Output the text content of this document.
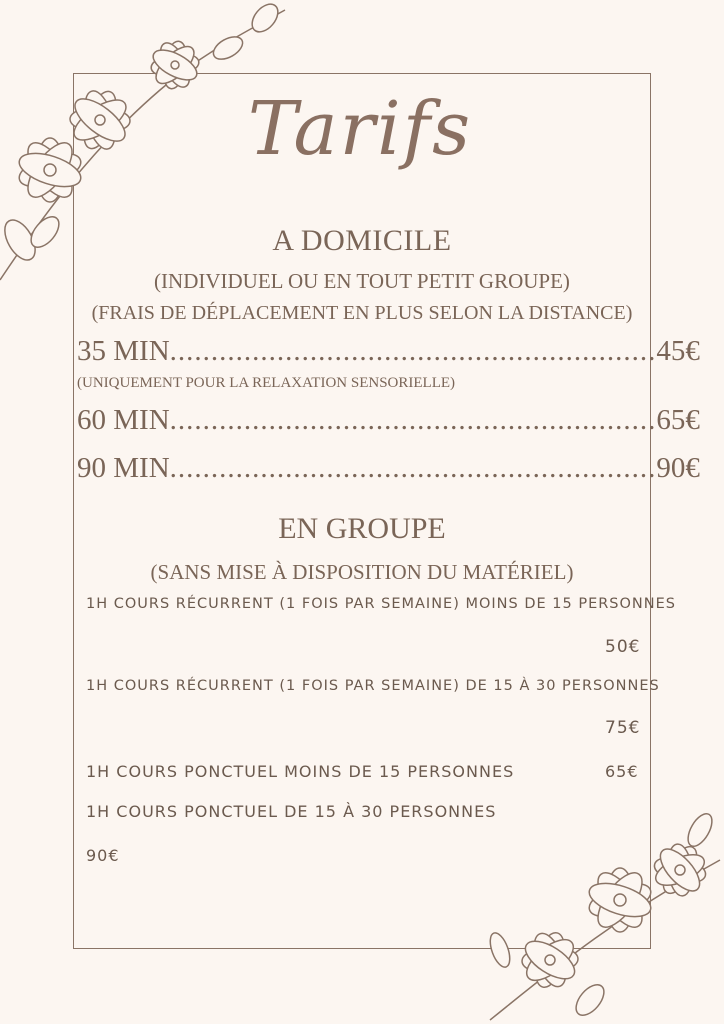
Tarifs
A DOMICILE
(INDIVIDUEL OU EN TOUT PETIT GROUPE)
(FRAIS DE DÉPLACEMENT EN PLUS SELON LA DISTANCE)
35 MIN ........................................................... 45€
(UNIQUEMENT POUR LA RELAXATION SENSORIELLE)
60 MIN ........................................................... 65€
90 MIN ........................................................... 90€
EN GROUPE
(SANS MISE À DISPOSITION DU MATÉRIEL)
1H COURS RÉCURRENT (1 FOIS PAR SEMAINE) MOINS DE 15 PERSONNES
50€
1H COURS RÉCURRENT (1 FOIS PAR SEMAINE) DE 15 À 30 PERSONNES
75€
1H COURS PONCTUEL MOINS DE 15 PERSONNES	65€
1H COURS PONCTUEL DE 15 À 30 PERSONNES
90€
